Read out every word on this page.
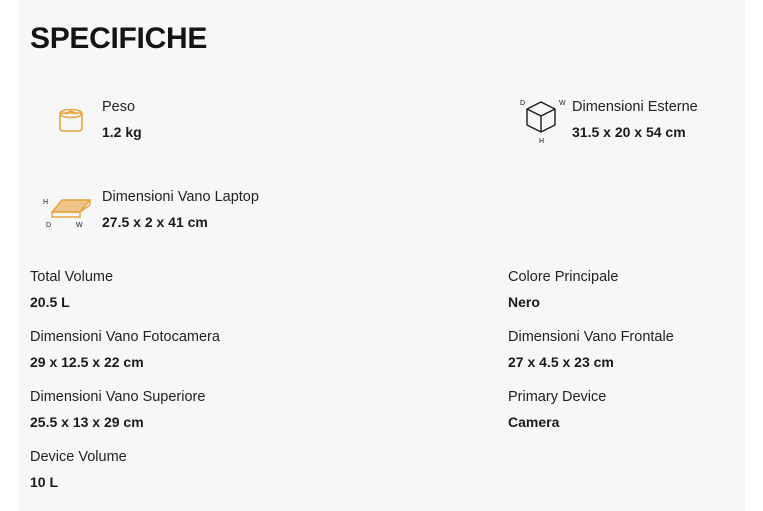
SPECIFICHE
Peso
1.2 kg
D	W
H
Dimensioni Esterne
31.5 x 20 x 54 cm
H
D	W
Dimensioni Vano Laptop
27.5 x 2 x 41 cm
Total Volume
20.5 L
Colore Principale
Nero
Dimensioni Vano Fotocamera
29 x 12.5 x 22 cm
Dimensioni Vano Frontale
27 x 4.5 x 23 cm
Dimensioni Vano Superiore
25.5 x 13 x 29 cm
Primary Device
Camera
Device Volume
10 L
